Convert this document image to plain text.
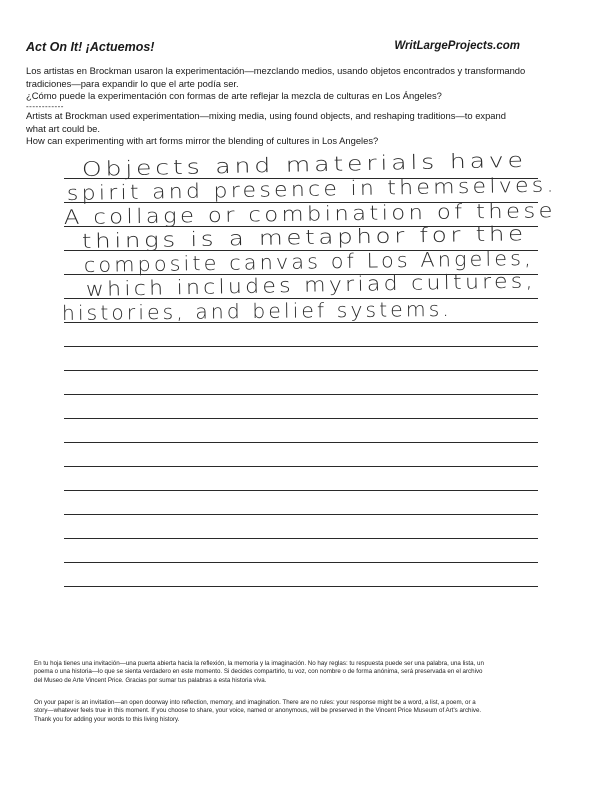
Act On It! ¡Actuemos!	WritLargeProjects.com
Los artistas en Brockman usaron la experimentación—mezclando medios, usando objetos encontrados y transformando
tradiciones—para expandir lo que el arte podía ser.
¿Cómo puede la experimentación con formas de arte reflejar la mezcla de culturas en Los Ángeles?
------------
Artists at Brockman used experimentation—mixing media, using found objects, and reshaping traditions—to expand
what art could be.
How can experimenting with art forms mirror the blending of cultures in Los Angeles?
Objects and materials have
spirit and presence in themselves.
A collage or combination of these
things is a metaphor for the
composite canvas of Los Angeles,
which includes myriad cultures,
histories, and belief systems.
En tu hoja tienes una invitación—una puerta abierta hacia la reflexión, la memoria y la imaginación. No hay reglas: tu respuesta puede ser una palabra, una lista, un
poema o una historia—lo que se sienta verdadero en este momento. Si decides compartirlo, tu voz, con nombre o de forma anónima, será preservada en el archivo
del Museo de Arte Vincent Price. Gracias por sumar tus palabras a esta historia viva.
On your paper is an invitation—an open doorway into reflection, memory, and imagination. There are no rules: your response might be a word, a list, a poem, or a
story—whatever feels true in this moment. If you choose to share, your voice, named or anonymous, will be preserved in the Vincent Price Museum of Art's archive.
Thank you for adding your words to this living history.
